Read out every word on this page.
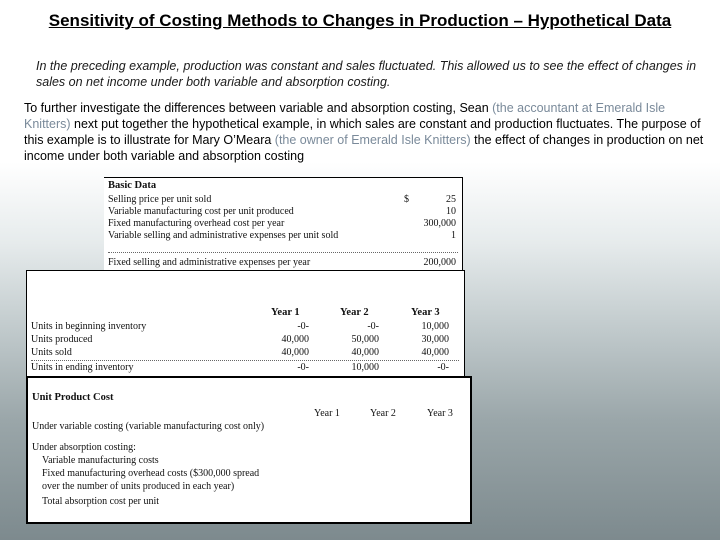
Sensitivity of Costing Methods to Changes in Production – Hypothetical Data
In the preceding example, production was constant and sales fluctuated. This allowed us to see the effect of changes in sales on net income under both variable and absorption costing.
To further investigate the differences between variable and absorption costing, Sean (the accountant at Emerald Isle Knitters) next put together the hypothetical example, in which sales are constant and production fluctuates. The purpose of this example is to illustrate for Mary O’Meara (the owner of Emerald Isle Knitters) the effect of changes in production on net income under both variable and absorption costing
Basic Data
Selling price per unit sold	$	25
Variable manufacturing cost per unit produced	10
Fixed manufacturing overhead cost per year	300,000
Variable selling and administrative expenses per unit sold	1
Fixed selling and administrative expenses per year	200,000
Year 1	Year 2	Year 3
Units in beginning inventory	-0-	-0-	10,000
Units produced	40,000	50,000	30,000
Units sold	40,000	40,000	40,000
Units in ending inventory	-0-	10,000	-0-
Unit Product Cost
Year 1	Year 2	Year 3
Under variable costing (variable manufacturing cost only)
Under absorption costing:
Variable manufacturing costs
Fixed manufacturing overhead costs ($300,000 spread
over the number of units produced in each year)
Total absorption cost per unit
